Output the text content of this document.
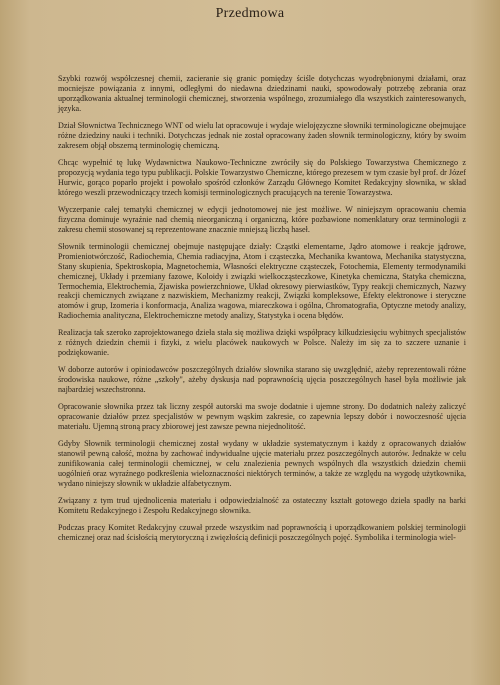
Przedmowa

Szybki rozwój współczesnej chemii, zacieranie się granic pomiędzy ściśle dotychczas wyodrębnionymi działami, oraz mocniejsze powiązania z innymi, odległymi do niedawna dziedzinami nauki, spowodowały potrzebę zebrania oraz uporządkowania aktualnej terminologii chemicznej, stworzenia wspólnego, zrozumiałego dla wszystkich zainteresowanych, języka.

Dział Słownictwa Technicznego WNT od wielu lat opracowuje i wydaje wielojęzyczne słowniki terminologiczne obejmujące różne dziedziny nauki i techniki. Dotychczas jednak nie został opracowany żaden słownik terminologiczny, który by swoim zakresem objął obszerną terminologię chemiczną.

Chcąc wypełnić tę lukę Wydawnictwa Naukowo-Techniczne zwróciły się do Polskiego Towarzystwa Chemicznego z propozycją wydania tego typu publikacji. Polskie Towarzystwo Chemiczne, którego prezesem w tym czasie był prof. dr Józef Hurwic, gorąco poparło projekt i powołało spośród członków Zarządu Głównego Komitet Redakcyjny słownika, w skład którego weszli przewodniczący trzech komisji terminologicznych pracujących na terenie Towarzystwa.

Wyczerpanie całej tematyki chemicznej w edycji jednotomowej nie jest możliwe. W niniejszym opracowaniu chemia fizyczna dominuje wyraźnie nad chemią nieorganiczną i organiczną, które pozbawione nomenklatury oraz terminologii z zakresu chemii stosowanej są reprezentowane znacznie mniejszą liczbą haseł.

Słownik terminologii chemicznej obejmuje następujące działy: Cząstki elementarne, Jądro atomowe i reakcje jądrowe, Promieniotwórczość, Radiochemia, Chemia radiacyjna, Atom i cząsteczka, Mechanika kwantowa, Mechanika statystyczna, Stany skupienia, Spektroskopia, Magnetochemia, Własności elektryczne cząsteczek, Fotochemia, Elementy termodynamiki chemicznej, Układy i przemiany fazowe, Koloidy i związki wielkocząsteczkowe, Kinetyka chemiczna, Statyka chemiczna, Termochemia, Elektrochemia, Zjawiska powierzchniowe, Układ okresowy pierwiastków, Typy reakcji chemicznych, Nazwy reakcji chemicznych związane z nazwiskiem, Mechanizmy reakcji, Związki kompleksowe, Efekty elektronowe i steryczne atomów i grup, Izomeria i konformacja, Analiza wagowa, miareczkowa i ogólna, Chromatografia, Optyczne metody analizy, Radiochemia analityczna, Elektrochemiczne metody analizy, Statystyka i ocena błędów.

Realizacja tak szeroko zaprojektowanego dzieła stała się możliwa dzięki współpracy kilkudziesięciu wybitnych specjalistów z różnych dziedzin chemii i fizyki, z wielu placówek naukowych w Polsce. Należy im się za to szczere uznanie i podziękowanie.

W doborze autorów i opiniodawców poszczególnych działów słownika starano się uwzględnić, ażeby reprezentowali różne środowiska naukowe, różne „szkoły", ażeby dyskusja nad poprawnością ujęcia poszczególnych haseł była możliwie jak najbardziej wszechstronna.

Opracowanie słownika przez tak liczny zespół autorski ma swoje dodatnie i ujemne strony. Do dodatnich należy zaliczyć opracowanie działów przez specjalistów w pewnym wąskim zakresie, co zapewnia lepszy dobór i nowoczesność ujęcia materiału. Ujemną stroną pracy zbiorowej jest zawsze pewna niejednolitość.

Gdyby Słownik terminologii chemicznej został wydany w układzie systematycznym i każdy z opracowanych działów stanowił pewną całość, można by zachować indywidualne ujęcie materiału przez poszczególnych autorów. Jednakże w celu zunifikowania całej terminologii chemicznej, w celu znalezienia pewnych wspólnych dla wszystkich dziedzin chemii uogólnień oraz wyraźnego podkreślenia wieloznaczności niektórych terminów, a także ze względu na wygodę użytkownika, wydano niniejszy słownik w układzie alfabetycznym.

Związany z tym trud ujednolicenia materiału i odpowiedzialność za ostateczny kształt gotowego dzieła spadły na barki Komitetu Redakcyjnego i Zespołu Redakcyjnego słownika.

Podczas pracy Komitet Redakcyjny czuwał przede wszystkim nad poprawnością i uporządkowaniem polskiej terminologii chemicznej oraz nad ścisłością merytoryczną i zwięzłością definicji poszczególnych pojęć. Symbolika i terminologia wiel-
